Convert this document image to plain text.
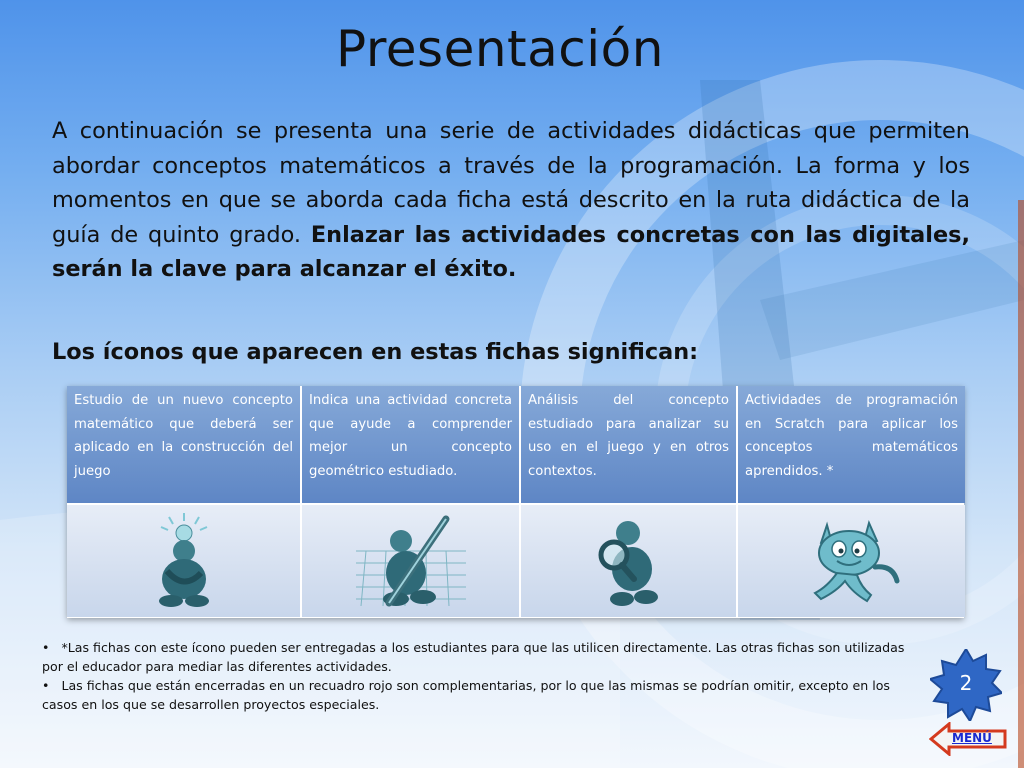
Presentación
A continuación se presenta una serie de actividades didácticas que permiten abordar conceptos matemáticos a través de la programación. La forma y los momentos en que se aborda cada ficha está descrito en la ruta didáctica de la guía de quinto grado. Enlazar las actividades concretas con las digitales, serán la clave para alcanzar el éxito.
Los íconos que aparecen en estas fichas significan:
Estudio de un nuevo concepto matemático que deberá ser aplicado en la construcción del juego
Indica una actividad concreta que ayude a comprender mejor un concepto geométrico estudiado.
Análisis del concepto estudiado para analizar su uso en el juego y en otros contextos.
Actividades de programación en Scratch para aplicar los conceptos matemáticos aprendidos. *
• *Las fichas con este ícono pueden ser entregadas a los estudiantes para que las utilicen directamente. Las otras fichas son utilizadas
por el educador para mediar las diferentes actividades.
• Las fichas que están encerradas en un recuadro rojo son complementarias, por lo que las mismas se podrían omitir, excepto en los
casos en los que se desarrollen proyectos especiales.
2
MENÚ
